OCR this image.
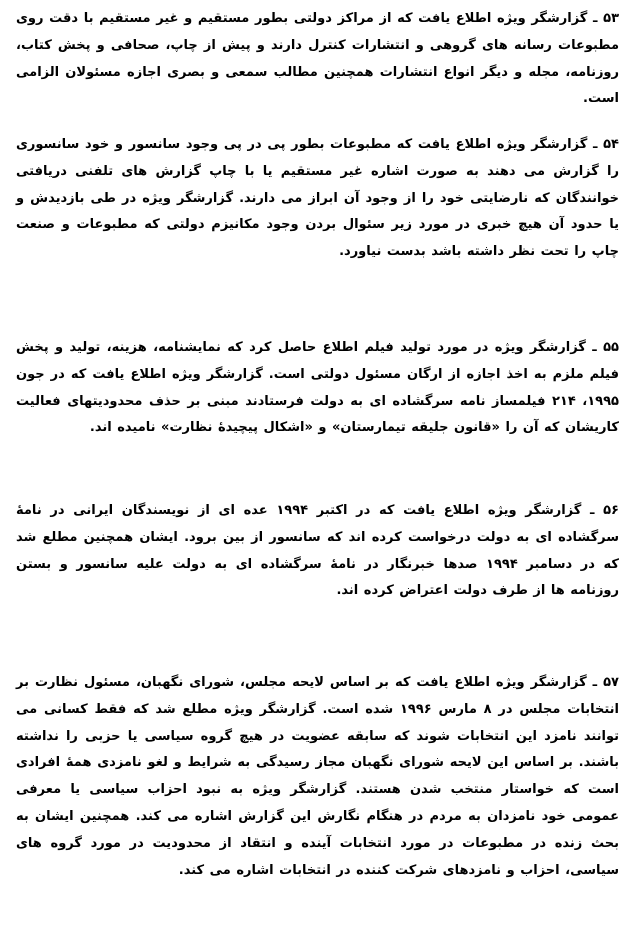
۵۳ ـ گزارشگر ویژه اطلاع یافت که از مراکز دولتی بطور مستقیم و غیر مستقیم با دقت روی مطبوعات رسانه های گروهی و انتشارات کنترل دارند و پیش از چاپ، صحافی و پخش کتاب، روزنامه، مجله و دیگر انواع انتشارات همچنین مطالب سمعی و بصری اجازه مسئولان الزامی است.

۵۴ ـ گزارشگر ویژه اطلاع یافت که مطبوعات بطور پی در پی وجود سانسور و خود سانسوری را گزارش می دهند به صورت اشاره غیر مستقیم یا با چاپ گزارش های تلفنی دریافتی خوانندگان که نارضایتی خود را از وجود آن ابراز می دارند. گزارشگر ویژه در طی بازدیدش و یا حدود آن هیچ خبری در مورد زیر سئوال بردن وجود مکانیزم دولتی که مطبوعات و صنعت چاپ را تحت نظر داشته باشد بدست نیاورد.

۵۵ ـ گزارشگر ویژه در مورد تولید فیلم اطلاع حاصل کرد که نمایشنامه، هزینه، تولید و پخش فیلم ملزم به اخذ اجازه از ارگان مسئول دولتی است. گزارشگر ویژه اطلاع یافت که در جون ۱۹۹۵، ۲۱۴ فیلمساز نامه سرگشاده ای به دولت فرستادند مبنی بر حذف محدودیتهای فعالیت کاریشان که آن را «قانون جلیقه تیمارستان» و «اشکال پیچیدهٔ نظارت» نامیده اند.

۵۶ ـ گزارشگر ویژه اطلاع یافت که در اکتبر ۱۹۹۴ عده ای از نویسندگان ایرانی در نامهٔ سرگشاده ای به دولت درخواست کرده اند که سانسور از بین برود. ایشان همچنین مطلع شد که در دسامبر ۱۹۹۴ صدها خبرنگار در نامهٔ سرگشاده ای به دولت علیه سانسور و بستن روزنامه ها از طرف دولت اعتراض کرده اند.

۵۷ ـ گزارشگر ویژه اطلاع یافت که بر اساس لایحه مجلس، شورای نگهبان، مسئول نظارت بر انتخابات مجلس در ۸ مارس ۱۹۹۶ شده است. گزارشگر ویژه مطلع شد که فقط کسانی می توانند نامزد این انتخابات شوند که سابقه عضویت در هیچ گروه سیاسی یا حزبی را نداشته باشند. بر اساس این لایحه شورای نگهبان مجاز رسیدگی به شرایط و لغو نامزدی همهٔ افرادی است که خواستار منتخب شدن هستند. گزارشگر ویژه به نبود احزاب سیاسی یا معرفی عمومی خود نامزدان به مردم در هنگام نگارش این گزارش اشاره می کند. همچنین ایشان به بحث زنده در مطبوعات در مورد انتخابات آینده و انتقاد از محدودیت در مورد گروه های سیاسی، احزاب و نامزدهای شرکت کننده در انتخابات اشاره می کند.
